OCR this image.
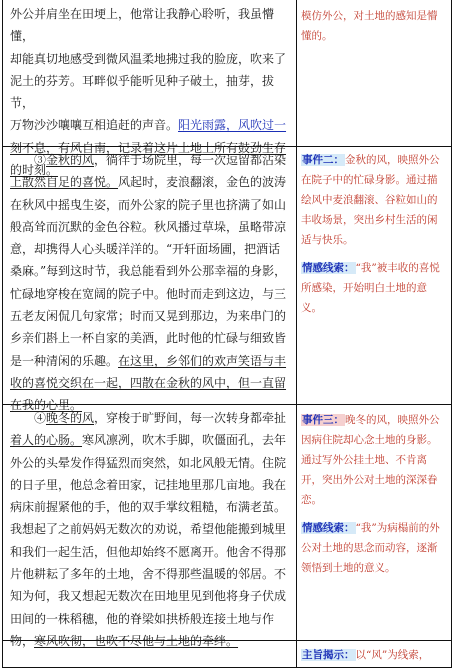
外公并肩坐在田埂上，他常让我静心聆听，我虽懵懂，

却能真切地感受到微风温柔地拂过我的脸庞，吹来了

泥土的芬芳。耳畔似乎能听见种子破土，抽芽，拔节，

万物沙沙嚷嚷互相追赶的声音。阳光雨露，风吹过一

刻不息，有风自南，记录着这片土地上所有鼓劲生存

的时刻。

③金秋的风，徜徉于场院里，每一次逗留都沾染上散然自足的喜悦。风起时，麦浪翻滚，金色的波涛在秋风中摇曳生姿，而外公家的院子里也挤满了如山般高耸而沉默的金色谷粒。秋风播过草垛，虽略带凉意，却携得人心头暖洋洋的。“开轩面场圃，把酒话桑麻。”每到这时节，我总能看到外公那幸福的身影，忙碌地穿梭在宽阔的院子中。他时而走到这边，与三五老友闲侃几句家常；时而又晃到那边，为来串门的乡亲们斟上一杯自家的美酒，此时他的忙碌与细致皆是一种清闲的乐趣。在这里，乡邻们的欢声笑语与丰收的喜悦交织在一起，四散在金秋的风中，但一直留在我的心里。

④晚冬的风，穿梭于旷野间，每一次转身都牵扯着人的心肠。寒风凛冽，吹木手脚，吹僵面孔，去年外公的头晕发作得猛烈而突然，如北风般无情。住院的日子里，他总念着田家，记挂地里那几亩地。我在病床前握紧他的手，他的双手掌纹粗糙，布满老茧。我想起了之前妈妈无数次的劝说，希望他能搬到城里和我们一起生活，但他却始终不愿离开。他舍不得那片他耕耘了多年的土地，舍不得那些温暖的邻居。不知为何，我又想起无数次在田地里见到他将身子伏成田间的一株稻穗，他的脊梁如拱桥般连接土地与作物，寒风吹彻，也吹不尽他与土地的牵绊。

模仿外公，对土地的感知是懵懂的。

事件二：金秋的风，映照外公在院子中的忙碌身影。通过描绘风中麦浪翻滚、谷粒如山的丰收场景，突出乡村生活的闲适与快乐。

情感线索：“我”被丰收的喜悦所感染，开始明白土地的意义。

事件三：晚冬的风，映照外公因病住院却心念土地的身影。通过写外公挂土地、不肯离开，突出外公对土地的深深眷恋。

情感线索：“我”为病榻前的外公对土地的思念而动容，逐渐领悟到土地的意义。

主旨揭示：以“风”为线索，
